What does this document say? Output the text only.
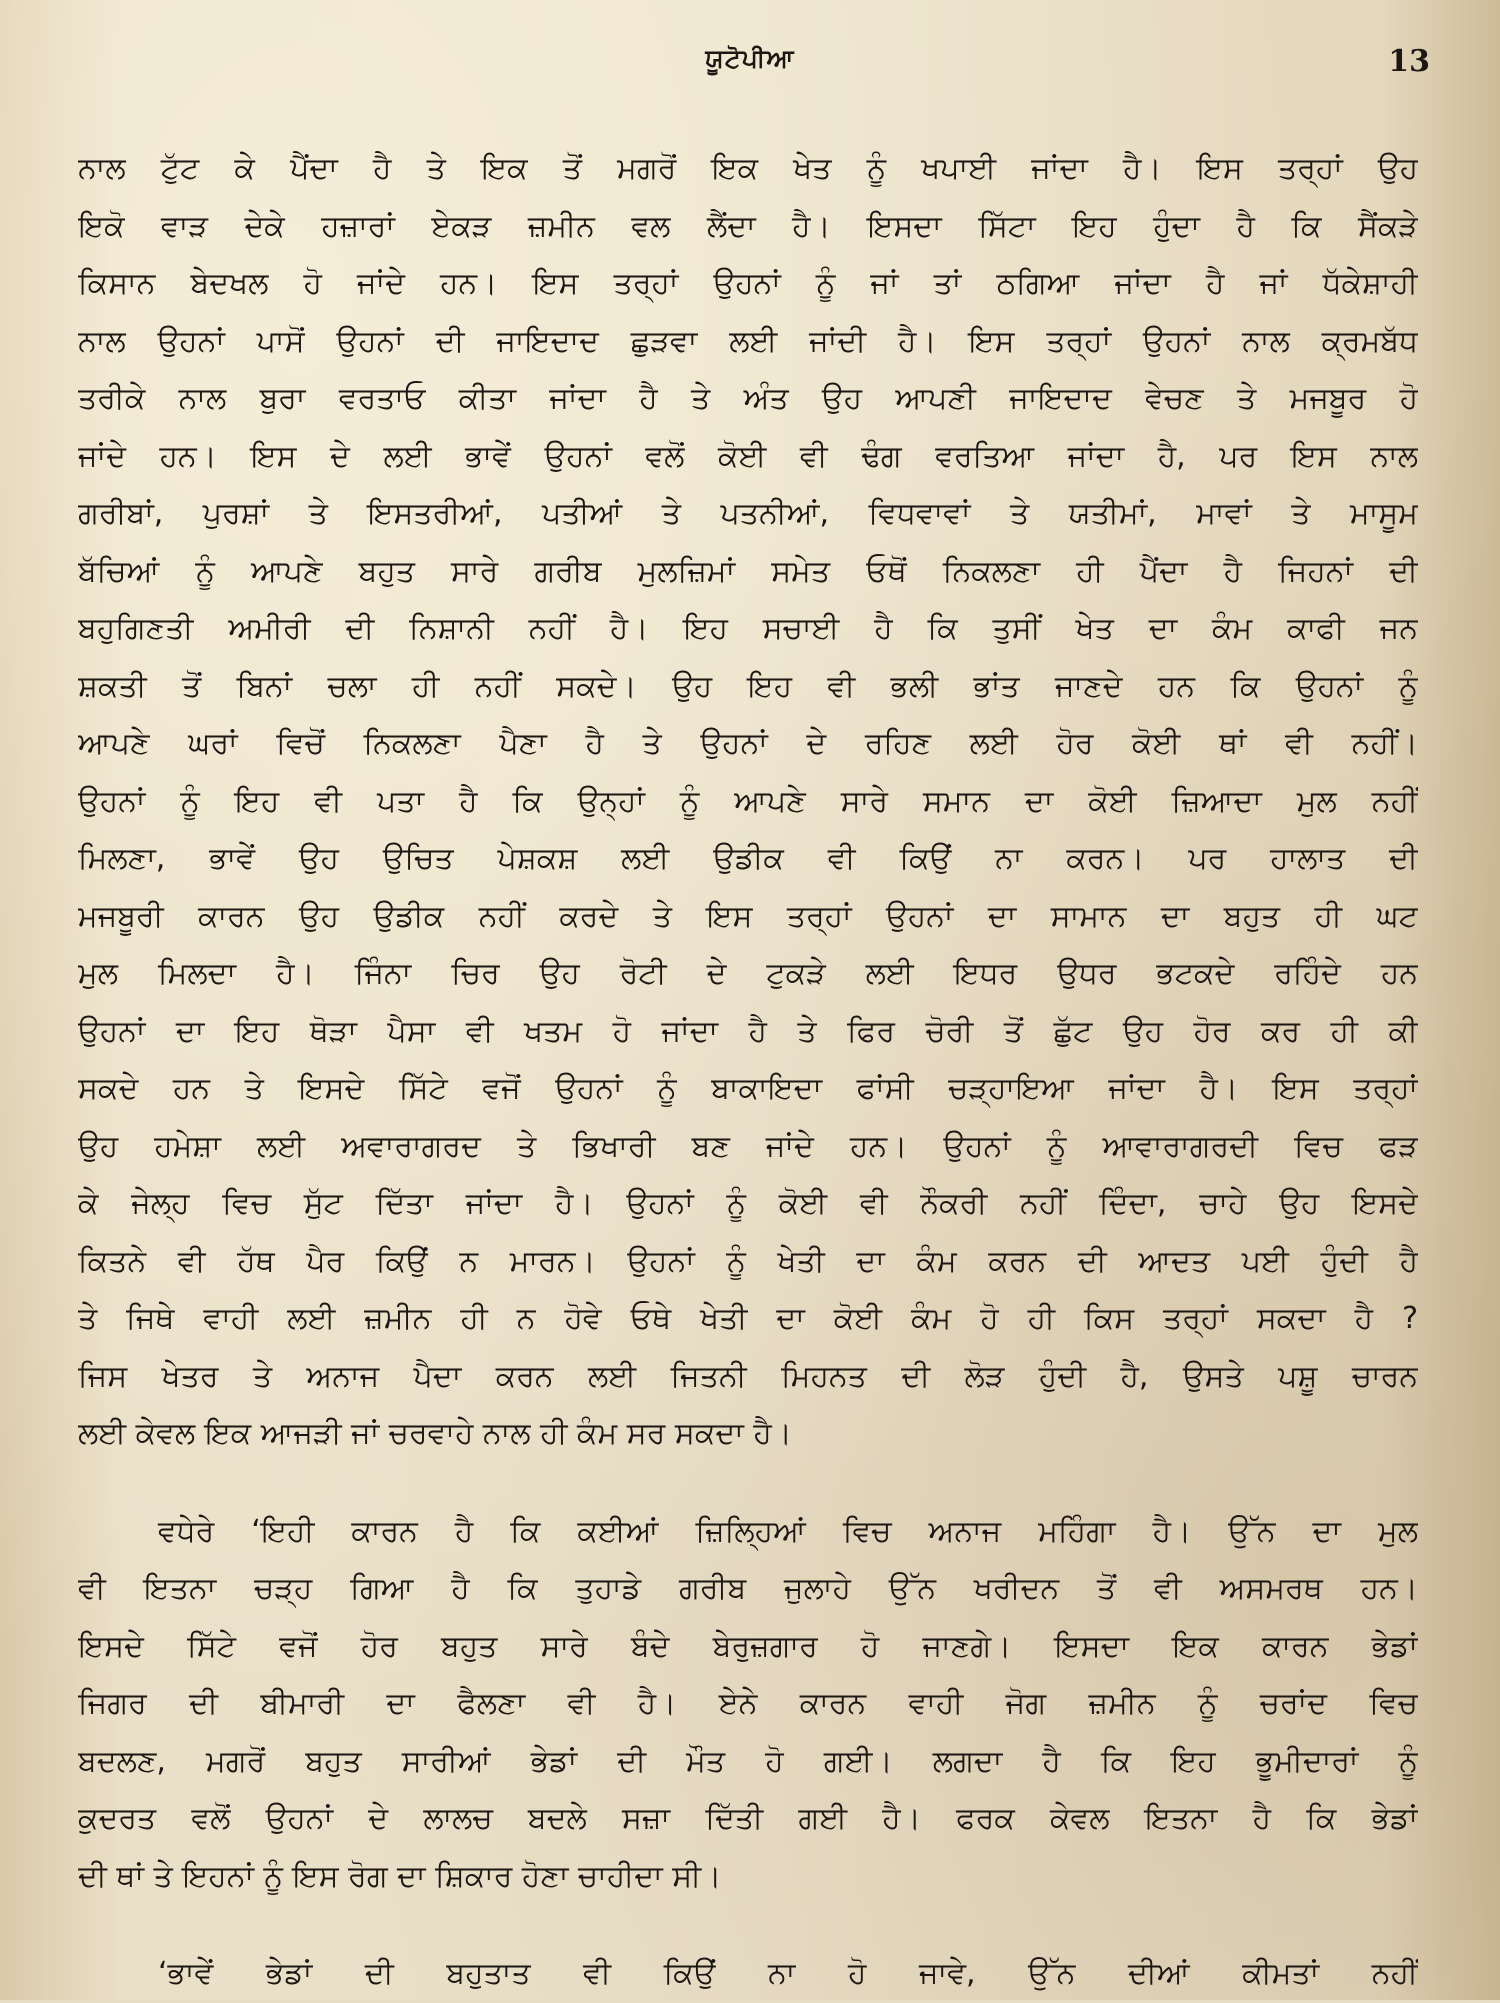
ਯੂਟੋਪੀਆ	13
ਨਾਲ ਟੁੱਟ ਕੇ ਪੈਂਦਾ ਹੈ ਤੇ ਇਕ ਤੋਂ ਮਗਰੋਂ ਇਕ ਖੇਤ ਨੂੰ ਖਪਾਈ ਜਾਂਦਾ ਹੈ। ਇਸ ਤਰ੍ਹਾਂ ਉਹ
ਇਕੋ ਵਾੜ ਦੇਕੇ ਹਜ਼ਾਰਾਂ ਏਕੜ ਜ਼ਮੀਨ ਵਲ ਲੈਂਦਾ ਹੈ। ਇਸਦਾ ਸਿੱਟਾ ਇਹ ਹੁੰਦਾ ਹੈ ਕਿ ਸੈਂਕੜੇ
ਕਿਸਾਨ ਬੇਦਖਲ ਹੋ ਜਾਂਦੇ ਹਨ। ਇਸ ਤਰ੍ਹਾਂ ਉਹਨਾਂ ਨੂੰ ਜਾਂ ਤਾਂ ਠਗਿਆ ਜਾਂਦਾ ਹੈ ਜਾਂ ਧੱਕੇਸ਼ਾਹੀ
ਨਾਲ ਉਹਨਾਂ ਪਾਸੋਂ ਉਹਨਾਂ ਦੀ ਜਾਇਦਾਦ ਛੁੜਵਾ ਲਈ ਜਾਂਦੀ ਹੈ। ਇਸ ਤਰ੍ਹਾਂ ਉਹਨਾਂ ਨਾਲ ਕ੍ਰਮਬੱਧ
ਤਰੀਕੇ ਨਾਲ ਬੁਰਾ ਵਰਤਾਓ ਕੀਤਾ ਜਾਂਦਾ ਹੈ ਤੇ ਅੰਤ ਉਹ ਆਪਣੀ ਜਾਇਦਾਦ ਵੇਚਣ ਤੇ ਮਜਬੂਰ ਹੋ
ਜਾਂਦੇ ਹਨ। ਇਸ ਦੇ ਲਈ ਭਾਵੇਂ ਉਹਨਾਂ ਵਲੋਂ ਕੋਈ ਵੀ ਢੰਗ ਵਰਤਿਆ ਜਾਂਦਾ ਹੈ, ਪਰ ਇਸ ਨਾਲ
ਗਰੀਬਾਂ, ਪੁਰਸ਼ਾਂ ਤੇ ਇਸਤਰੀਆਂ, ਪਤੀਆਂ ਤੇ ਪਤਨੀਆਂ, ਵਿਧਵਾਵਾਂ ਤੇ ਯਤੀਮਾਂ, ਮਾਵਾਂ ਤੇ ਮਾਸੂਮ
ਬੱਚਿਆਂ ਨੂੰ ਆਪਣੇ ਬਹੁਤ ਸਾਰੇ ਗਰੀਬ ਮੁਲਜ਼ਿਮਾਂ ਸਮੇਤ ਓਥੋਂ ਨਿਕਲਣਾ ਹੀ ਪੈਂਦਾ ਹੈ ਜਿਹਨਾਂ ਦੀ
ਬਹੁਗਿਣਤੀ ਅਮੀਰੀ ਦੀ ਨਿਸ਼ਾਨੀ ਨਹੀਂ ਹੈ। ਇਹ ਸਚਾਈ ਹੈ ਕਿ ਤੁਸੀਂ ਖੇਤ ਦਾ ਕੰਮ ਕਾਫੀ ਜਨ
ਸ਼ਕਤੀ ਤੋਂ ਬਿਨਾਂ ਚਲਾ ਹੀ ਨਹੀਂ ਸਕਦੇ। ਉਹ ਇਹ ਵੀ ਭਲੀ ਭਾਂਤ ਜਾਣਦੇ ਹਨ ਕਿ ਉਹਨਾਂ ਨੂੰ
ਆਪਣੇ ਘਰਾਂ ਵਿਚੋਂ ਨਿਕਲਣਾ ਪੈਣਾ ਹੈ ਤੇ ਉਹਨਾਂ ਦੇ ਰਹਿਣ ਲਈ ਹੋਰ ਕੋਈ ਥਾਂ ਵੀ ਨਹੀਂ।
ਉਹਨਾਂ ਨੂੰ ਇਹ ਵੀ ਪਤਾ ਹੈ ਕਿ ਉਨ੍ਹਾਂ ਨੂੰ ਆਪਣੇ ਸਾਰੇ ਸਮਾਨ ਦਾ ਕੋਈ ਜ਼ਿਆਦਾ ਮੁਲ ਨਹੀਂ
ਮਿਲਣਾ, ਭਾਵੇਂ ਉਹ ਉਚਿਤ ਪੇਸ਼ਕਸ਼ ਲਈ ਉਡੀਕ ਵੀ ਕਿਉਂ ਨਾ ਕਰਨ। ਪਰ ਹਾਲਾਤ ਦੀ
ਮਜਬੂਰੀ ਕਾਰਨ ਉਹ ਉਡੀਕ ਨਹੀਂ ਕਰਦੇ ਤੇ ਇਸ ਤਰ੍ਹਾਂ ਉਹਨਾਂ ਦਾ ਸਾਮਾਨ ਦਾ ਬਹੁਤ ਹੀ ਘਟ
ਮੁਲ ਮਿਲਦਾ ਹੈ। ਜਿੰਨਾ ਚਿਰ ਉਹ ਰੋਟੀ ਦੇ ਟੁਕੜੇ ਲਈ ਇਧਰ ਉਧਰ ਭਟਕਦੇ ਰਹਿੰਦੇ ਹਨ
ਉਹਨਾਂ ਦਾ ਇਹ ਥੋੜਾ ਪੈਸਾ ਵੀ ਖਤਮ ਹੋ ਜਾਂਦਾ ਹੈ ਤੇ ਫਿਰ ਚੋਰੀ ਤੋਂ ਛੁੱਟ ਉਹ ਹੋਰ ਕਰ ਹੀ ਕੀ
ਸਕਦੇ ਹਨ ਤੇ ਇਸਦੇ ਸਿੱਟੇ ਵਜੋਂ ਉਹਨਾਂ ਨੂੰ ਬਾਕਾਇਦਾ ਫਾਂਸੀ ਚੜ੍ਹਾਇਆ ਜਾਂਦਾ ਹੈ। ਇਸ ਤਰ੍ਹਾਂ
ਉਹ ਹਮੇਸ਼ਾ ਲਈ ਅਵਾਰਾਗਰਦ ਤੇ ਭਿਖਾਰੀ ਬਣ ਜਾਂਦੇ ਹਨ। ਉਹਨਾਂ ਨੂੰ ਆਵਾਰਾਗਰਦੀ ਵਿਚ ਫੜ
ਕੇ ਜੇਲ੍ਹ ਵਿਚ ਸੁੱਟ ਦਿੱਤਾ ਜਾਂਦਾ ਹੈ। ਉਹਨਾਂ ਨੂੰ ਕੋਈ ਵੀ ਨੌਕਰੀ ਨਹੀਂ ਦਿੰਦਾ, ਚਾਹੇ ਉਹ ਇਸਦੇ
ਕਿਤਨੇ ਵੀ ਹੱਥ ਪੈਰ ਕਿਉਂ ਨ ਮਾਰਨ। ਉਹਨਾਂ ਨੂੰ ਖੇਤੀ ਦਾ ਕੰਮ ਕਰਨ ਦੀ ਆਦਤ ਪਈ ਹੁੰਦੀ ਹੈ
ਤੇ ਜਿਥੇ ਵਾਹੀ ਲਈ ਜ਼ਮੀਨ ਹੀ ਨ ਹੋਵੇ ਓਥੇ ਖੇਤੀ ਦਾ ਕੋਈ ਕੰਮ ਹੋ ਹੀ ਕਿਸ ਤਰ੍ਹਾਂ ਸਕਦਾ ਹੈ ?
ਜਿਸ ਖੇਤਰ ਤੇ ਅਨਾਜ ਪੈਦਾ ਕਰਨ ਲਈ ਜਿਤਨੀ ਮਿਹਨਤ ਦੀ ਲੋੜ ਹੁੰਦੀ ਹੈ, ਉਸਤੇ ਪਸ਼ੂ ਚਾਰਨ
ਲਈ ਕੇਵਲ ਇਕ ਆਜੜੀ ਜਾਂ ਚਰਵਾਹੇ ਨਾਲ ਹੀ ਕੰਮ ਸਰ ਸਕਦਾ ਹੈ।
ਵਧੇਰੇ ‘ਇਹੀ ਕਾਰਨ ਹੈ ਕਿ ਕਈਆਂ ਜ਼ਿਲ੍ਹਿਆਂ ਵਿਚ ਅਨਾਜ ਮਹਿੰਗਾ ਹੈ। ਉੱਨ ਦਾ ਮੁਲ
ਵੀ ਇਤਨਾ ਚੜ੍ਹ ਗਿਆ ਹੈ ਕਿ ਤੁਹਾਡੇ ਗਰੀਬ ਜੁਲਾਹੇ ਉੱਨ ਖਰੀਦਨ ਤੋਂ ਵੀ ਅਸਮਰਥ ਹਨ।
ਇਸਦੇ ਸਿੱਟੇ ਵਜੋਂ ਹੋਰ ਬਹੁਤ ਸਾਰੇ ਬੰਦੇ ਬੇਰੁਜ਼ਗਾਰ ਹੋ ਜਾਣਗੇ। ਇਸਦਾ ਇਕ ਕਾਰਨ ਭੇਡਾਂ
ਜਿਗਰ ਦੀ ਬੀਮਾਰੀ ਦਾ ਫੈਲਣਾ ਵੀ ਹੈ। ਏਨੇ ਕਾਰਨ ਵਾਹੀ ਜੋਗ ਜ਼ਮੀਨ ਨੂੰ ਚਰਾਂਦ ਵਿਚ
ਬਦਲਣ, ਮਗਰੋਂ ਬਹੁਤ ਸਾਰੀਆਂ ਭੇਡਾਂ ਦੀ ਮੌਤ ਹੋ ਗਈ। ਲਗਦਾ ਹੈ ਕਿ ਇਹ ਭੂਮੀਦਾਰਾਂ ਨੂੰ
ਕੁਦਰਤ ਵਲੋਂ ਉਹਨਾਂ ਦੇ ਲਾਲਚ ਬਦਲੇ ਸਜ਼ਾ ਦਿੱਤੀ ਗਈ ਹੈ। ਫਰਕ ਕੇਵਲ ਇਤਨਾ ਹੈ ਕਿ ਭੇਡਾਂ
ਦੀ ਥਾਂ ਤੇ ਇਹਨਾਂ ਨੂੰ ਇਸ ਰੋਗ ਦਾ ਸ਼ਿਕਾਰ ਹੋਣਾ ਚਾਹੀਦਾ ਸੀ।
‘ਭਾਵੇਂ ਭੇਡਾਂ ਦੀ ਬਹੁਤਾਤ ਵੀ ਕਿਉਂ ਨਾ ਹੋ ਜਾਵੇ, ਉੱਨ ਦੀਆਂ ਕੀਮਤਾਂ ਨਹੀਂ
